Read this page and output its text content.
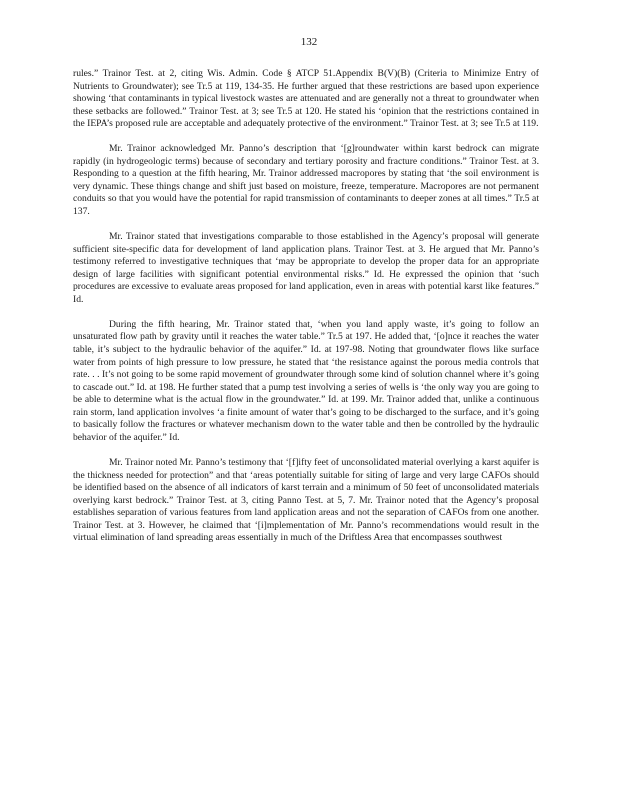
132

rules.” Trainor Test. at 2, citing Wis. Admin. Code § ATCP 51.Appendix B(V)(B) (Criteria to Minimize Entry of Nutrients to Groundwater); see Tr.5 at 119, 134-35. He further argued that these restrictions are based upon experience showing ‘that contaminants in typical livestock wastes are attenuated and are generally not a threat to groundwater when these setbacks are followed.” Trainor Test. at 3; see Tr.5 at 120. He stated his ‘opinion that the restrictions contained in the IEPA’s proposed rule are acceptable and adequately protective of the environment.” Trainor Test. at 3; see Tr.5 at 119.

Mr. Trainor acknowledged Mr. Panno’s description that ‘[g]roundwater within karst bedrock can migrate rapidly (in hydrogeologic terms) because of secondary and tertiary porosity and fracture conditions.” Trainor Test. at 3. Responding to a question at the fifth hearing, Mr. Trainor addressed macropores by stating that ‘the soil environment is very dynamic. These things change and shift just based on moisture, freeze, temperature. Macropores are not permanent conduits so that you would have the potential for rapid transmission of contaminants to deeper zones at all times.” Tr.5 at 137.

Mr. Trainor stated that investigations comparable to those established in the Agency’s proposal will generate sufficient site-specific data for development of land application plans. Trainor Test. at 3. He argued that Mr. Panno’s testimony referred to investigative techniques that ‘may be appropriate to develop the proper data for an appropriate design of large facilities with significant potential environmental risks.” Id. He expressed the opinion that ‘such procedures are excessive to evaluate areas proposed for land application, even in areas with potential karst like features.” Id.

During the fifth hearing, Mr. Trainor stated that, ‘when you land apply waste, it’s going to follow an unsaturated flow path by gravity until it reaches the water table.” Tr.5 at 197. He added that, ‘[o]nce it reaches the water table, it’s subject to the hydraulic behavior of the aquifer.” Id. at 197-98. Noting that groundwater flows like surface water from points of high pressure to low pressure, he stated that ‘the resistance against the porous media controls that rate. . . It’s not going to be some rapid movement of groundwater through some kind of solution channel where it’s going to cascade out.” Id. at 198. He further stated that a pump test involving a series of wells is ‘the only way you are going to be able to determine what is the actual flow in the groundwater.” Id. at 199. Mr. Trainor added that, unlike a continuous rain storm, land application involves ‘a finite amount of water that’s going to be discharged to the surface, and it’s going to basically follow the fractures or whatever mechanism down to the water table and then be controlled by the hydraulic behavior of the aquifer.” Id.

Mr. Trainor noted Mr. Panno’s testimony that ‘[f]ifty feet of unconsolidated material overlying a karst aquifer is the thickness needed for protection” and that ‘areas potentially suitable for siting of large and very large CAFOs should be identified based on the absence of all indicators of karst terrain and a minimum of 50 feet of unconsolidated materials overlying karst bedrock.” Trainor Test. at 3, citing Panno Test. at 5, 7. Mr. Trainor noted that the Agency’s proposal establishes separation of various features from land application areas and not the separation of CAFOs from one another. Trainor Test. at 3. However, he claimed that ‘[i]mplementation of Mr. Panno’s recommendations would result in the virtual elimination of land spreading areas essentially in much of the Driftless Area that encompasses southwest
